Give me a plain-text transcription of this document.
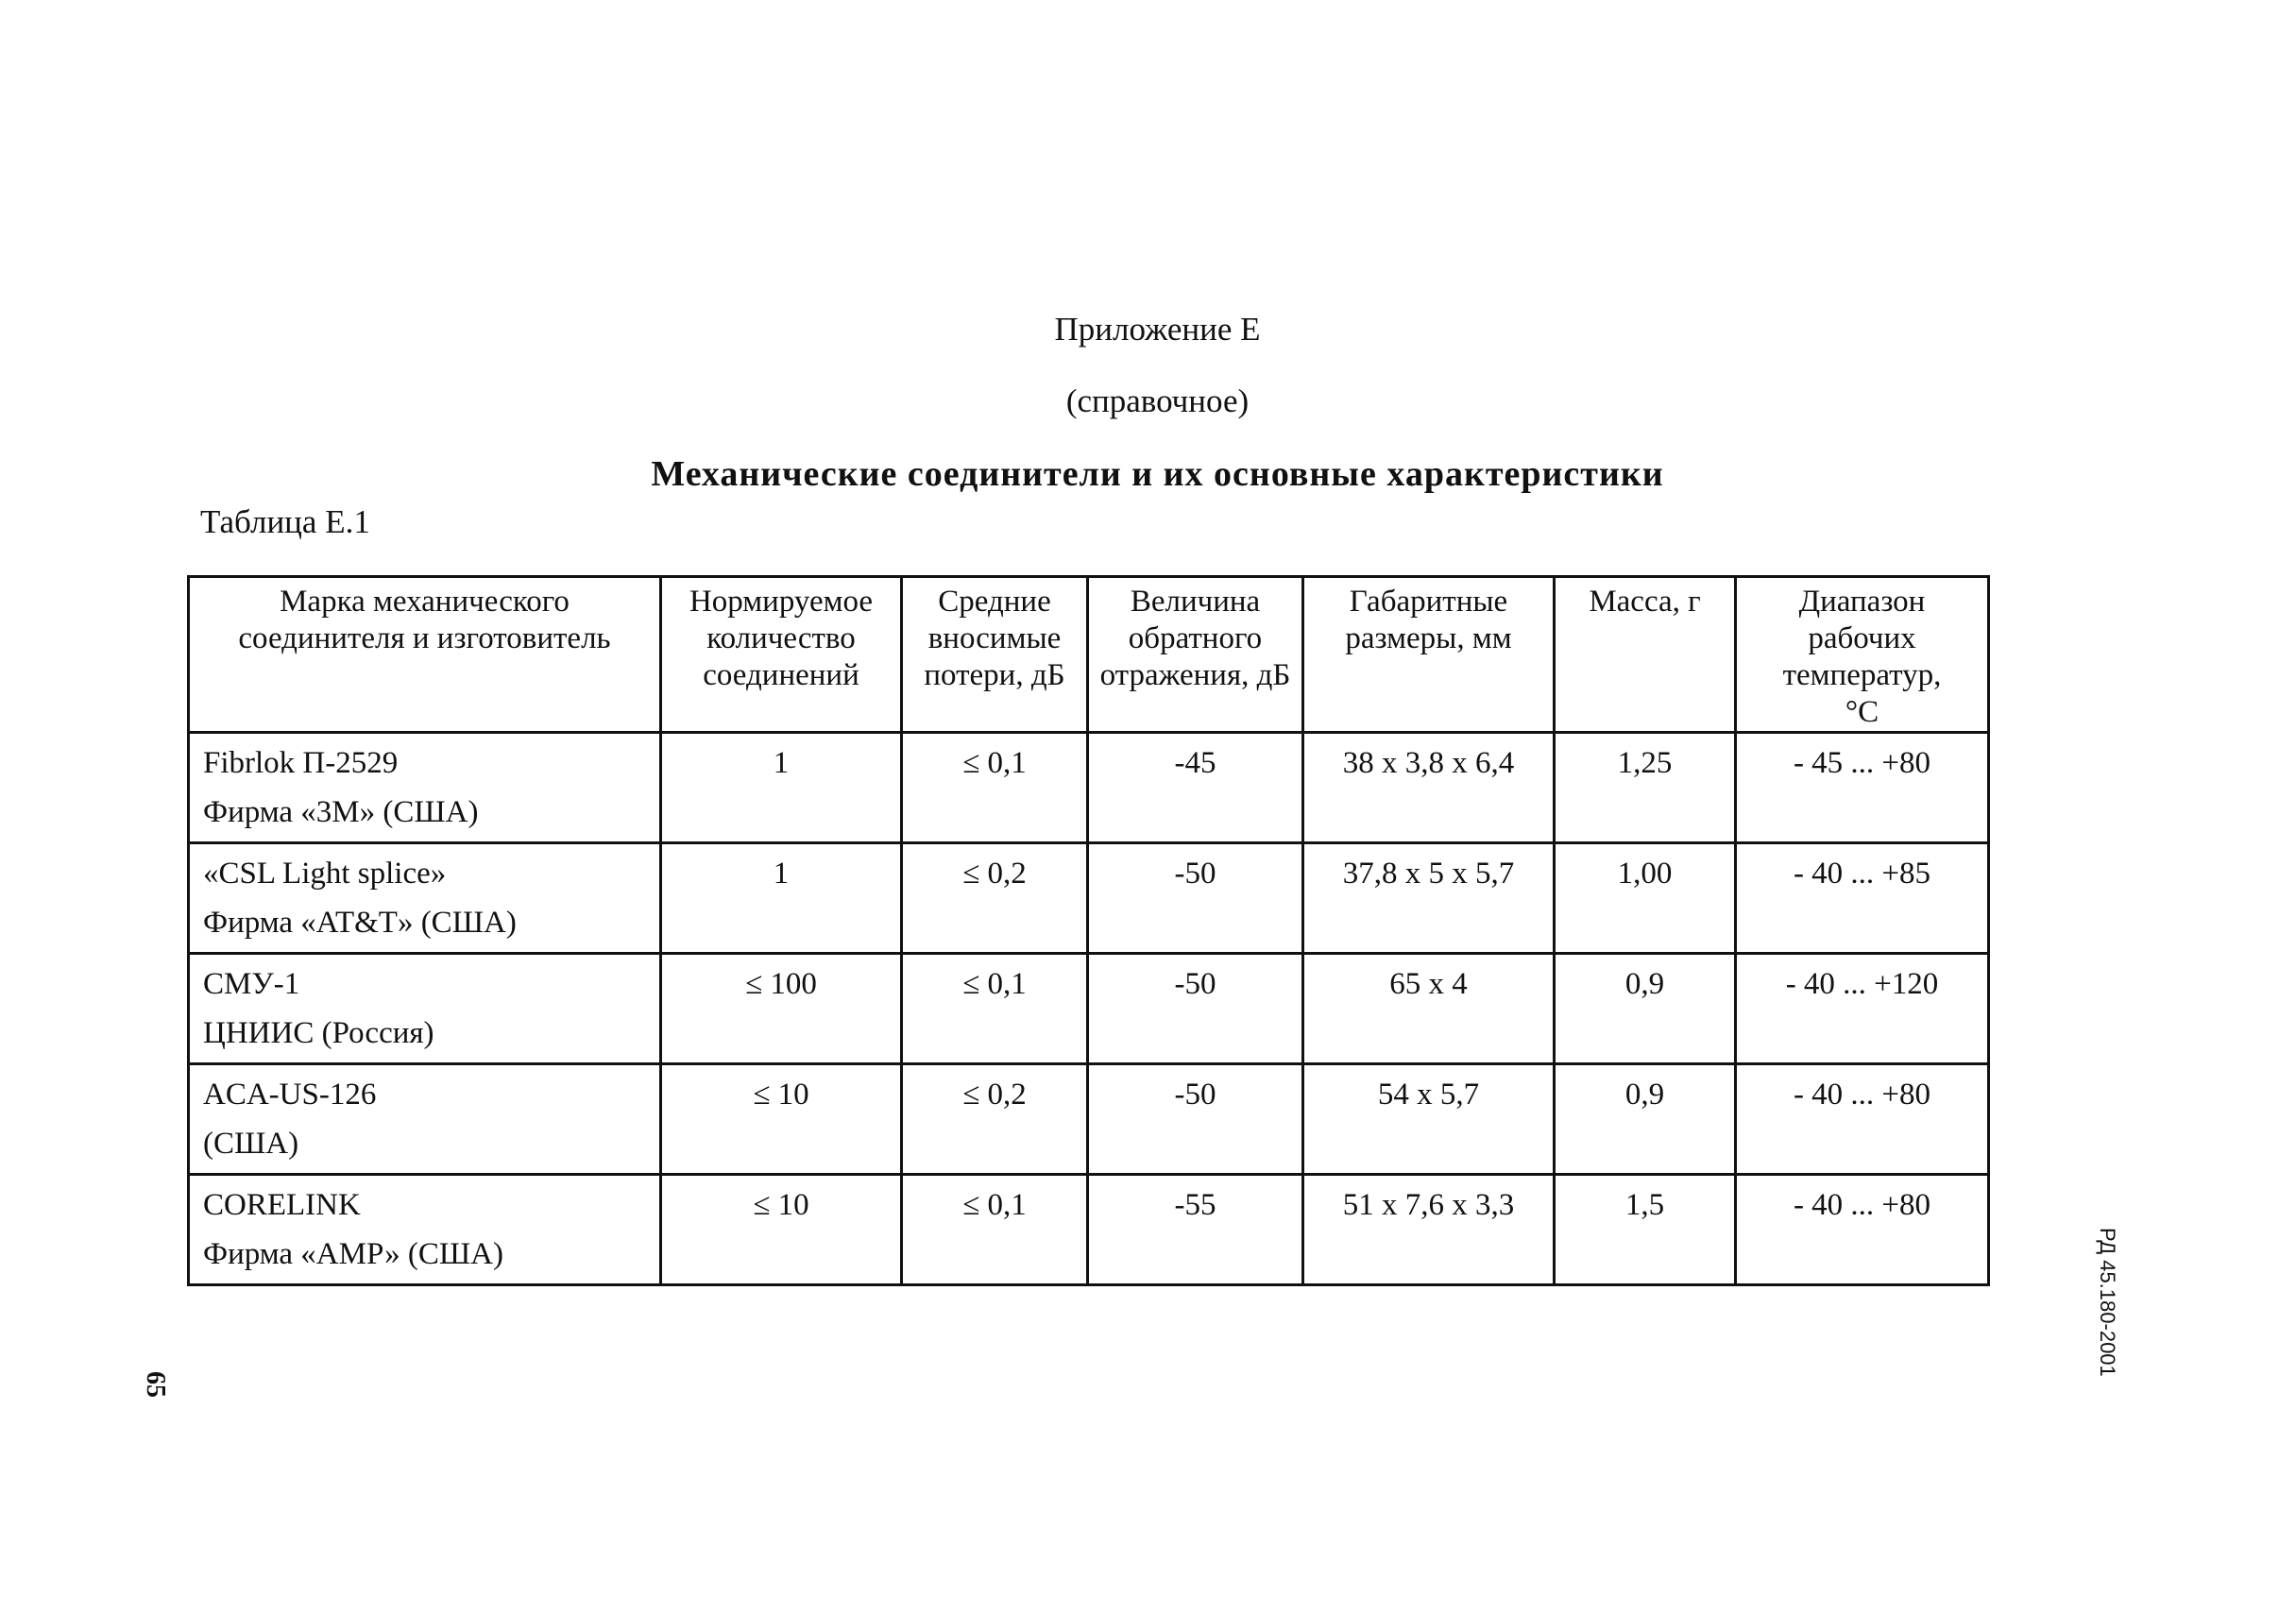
Приложение Е
(справочное)
Механические соединители и их основные характеристики
Таблица Е.1
Марка механического соединителя и изготовитель	Нормируемое количество соединений	Средние вносимые потери, дБ	Величина обратного отражения, дБ	Габаритные размеры, мм	Масса, г	Диапазон рабочих температур, °С
Fibrlok П-2529
Фирма «3М» (США)	1	≤ 0,1	-45	38 х 3,8 х 6,4	1,25	- 45 ... +80
«CSL Light splice»
Фирма «AT&T» (США)	1	≤ 0,2	-50	37,8 х 5 х 5,7	1,00	- 40 ... +85
СМУ-1
ЦНИИС (Россия)	≤ 100	≤ 0,1	-50	65 х 4	0,9	- 40 ... +120
ACA-US-126
(США)	≤ 10	≤ 0,2	-50	54 х 5,7	0,9	- 40 ... +80
CORELINK
Фирма «АМР» (США)	≤ 10	≤ 0,1	-55	51 х 7,6 х 3,3	1,5	- 40 ... +80
РД 45.180-2001
65
